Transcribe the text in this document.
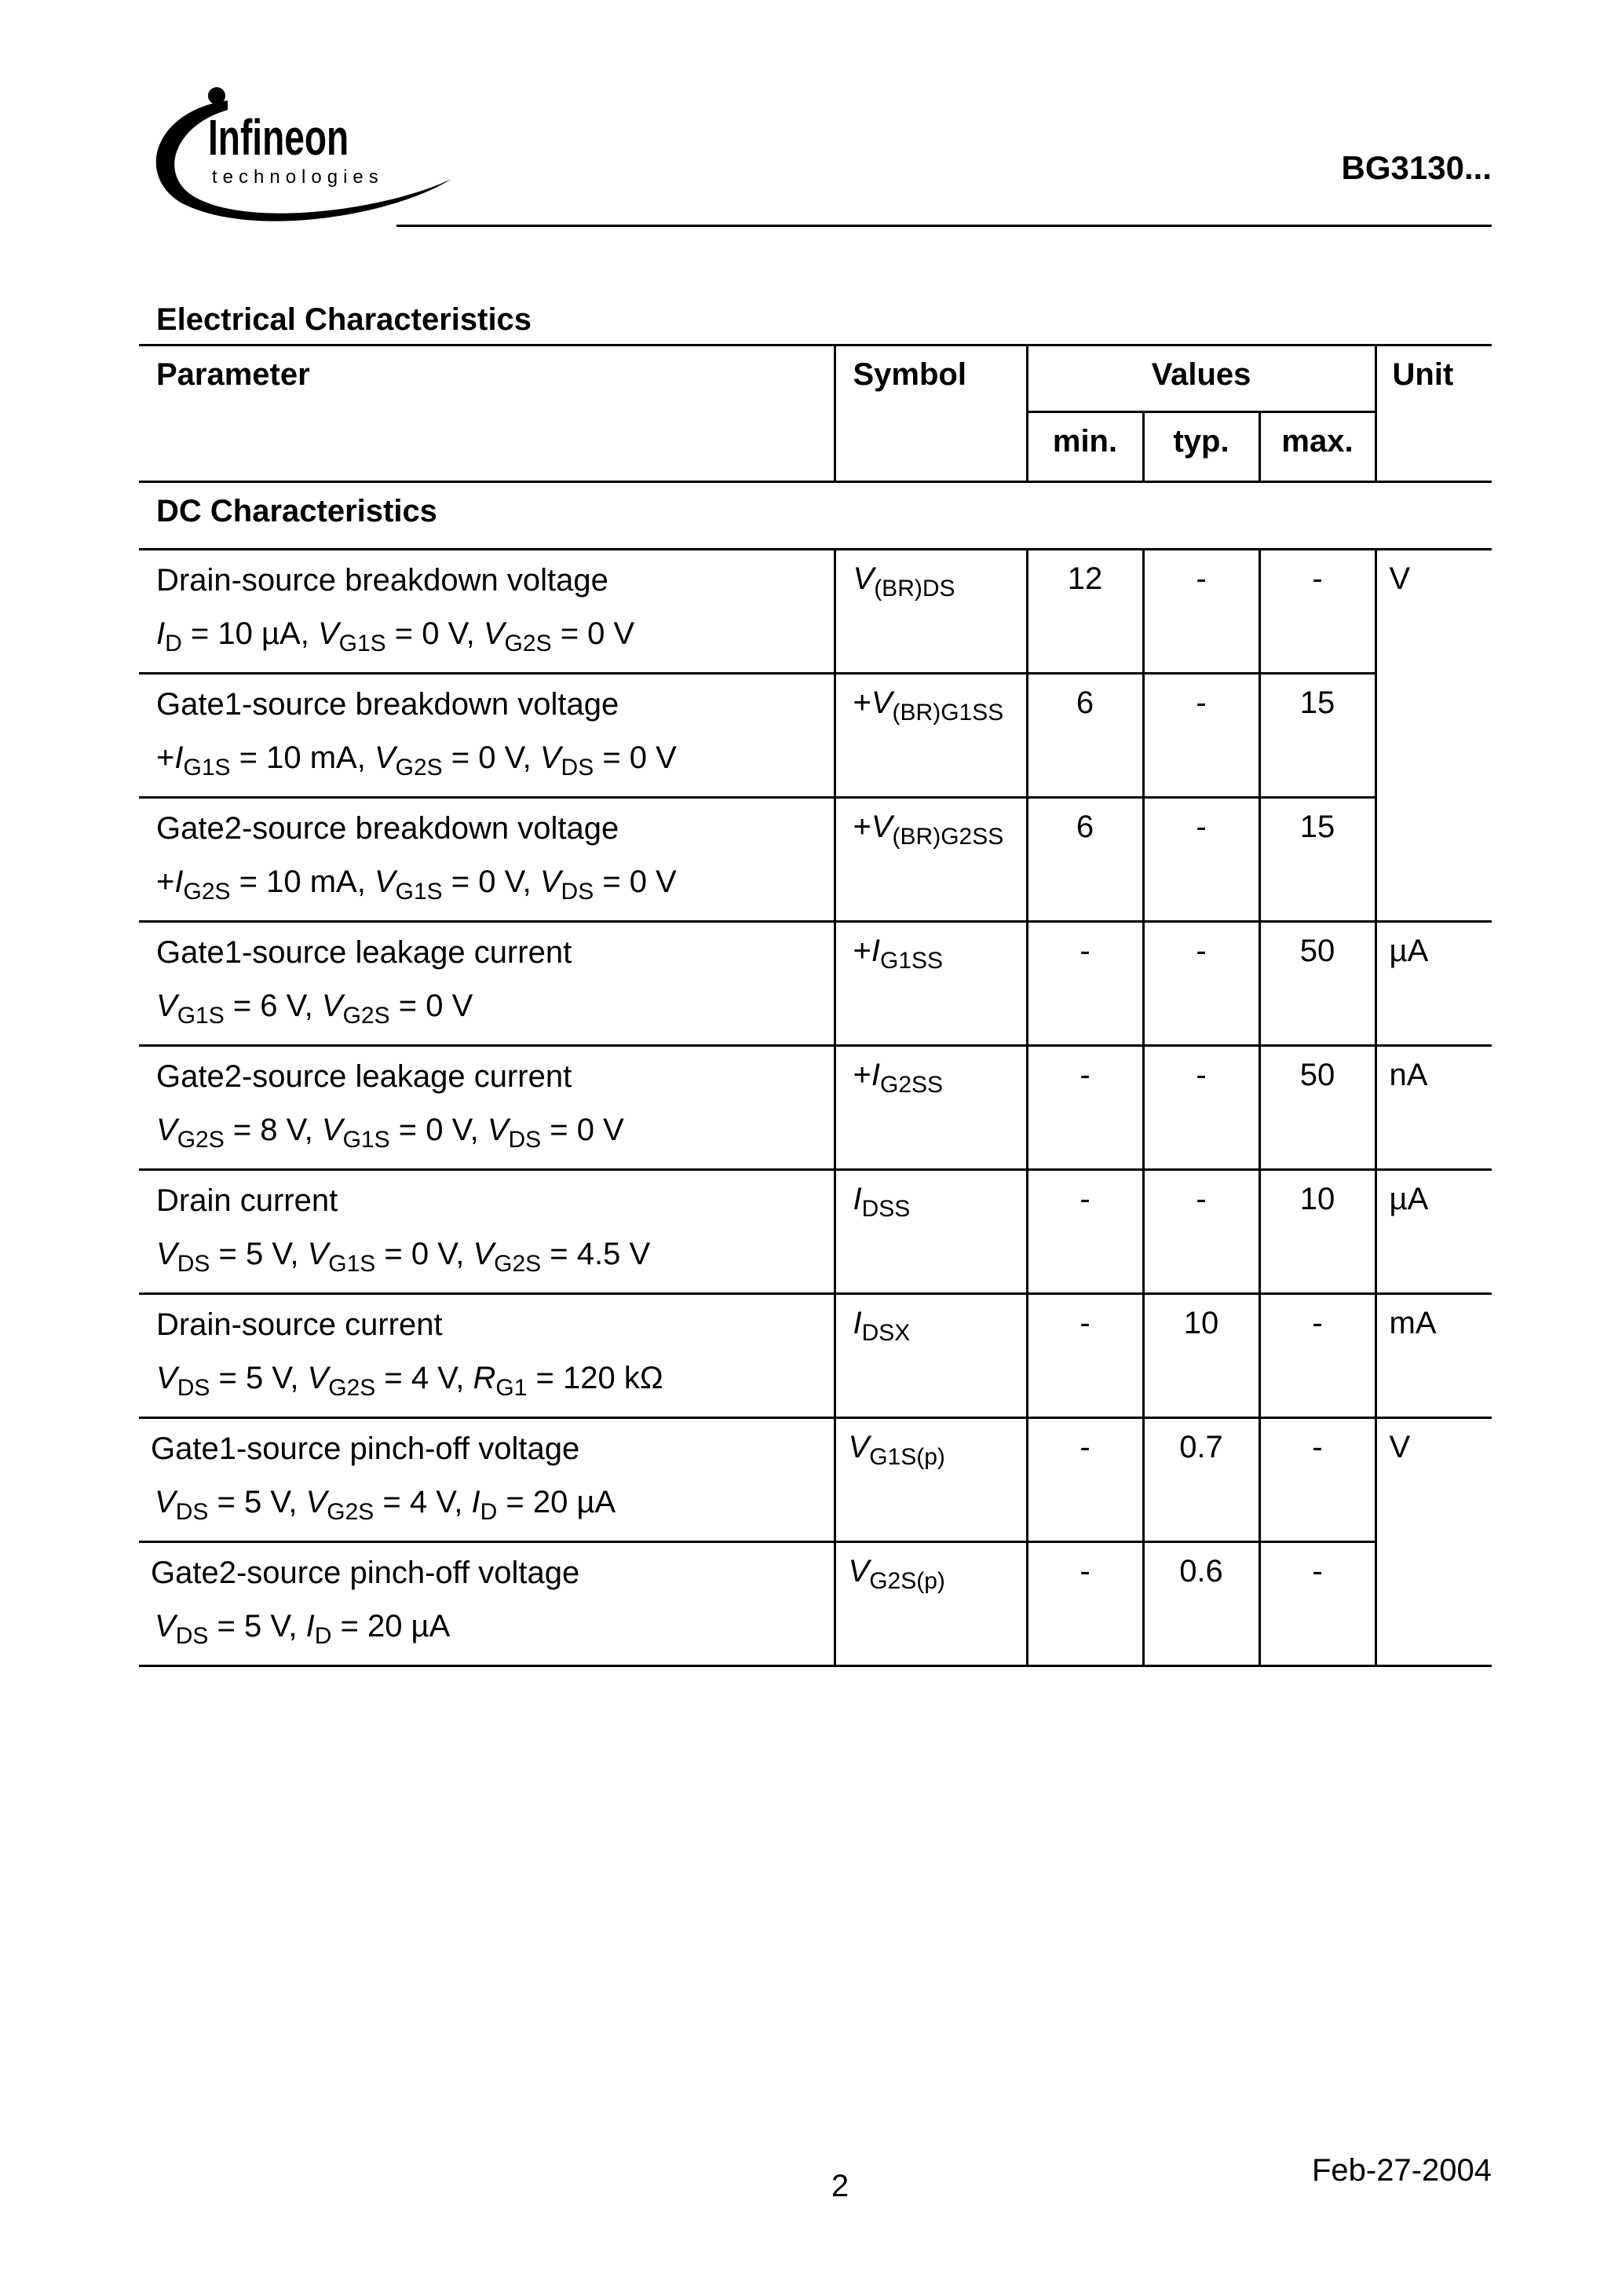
Infineon
technologies	BG3130...
Electrical Characteristics
Parameter	Symbol	Values			Unit
		min.	typ.	max.	
DC Characteristics					

Drain-source breakdown voltage
$I_D = 10$ µA, $V_{G1S} = 0$ V, $V_{G2S} = 0$ V	$V_{(BR)DS}$	12	-	-	V

Gate1-source breakdown voltage
$+I_{G1S} = 10$ mA, $V_{G2S} = 0$ V, $V_{DS} = 0$ V	$+V_{(BR)G1SS}$	6	-	15	

Gate2-source breakdown voltage
$+I_{G2S} = 10$ mA, $V_{G1S} = 0$ V, $V_{DS} = 0$ V	$+V_{(BR)G2SS}$	6	-	15	

Gate1-source leakage current
$V_{G1S} = 6$ V, $V_{G2S} = 0$ V	$+I_{G1SS}$	-	-	50	µA

Gate2-source leakage current
$V_{G2S} = 8$ V, $V_{G1S} = 0$ V, $V_{DS} = 0$ V	$+I_{G2SS}$	-	-	50	nA

Drain current
$V_{DS} = 5$ V, $V_{G1S} = 0$ V, $V_{G2S} = 4.5$ V	$I_{DSS}$	-	-	10	µA

Drain-source current
$V_{DS} = 5$ V, $V_{G2S} = 4$ V, $R_{G1} = 120$ kΩ	$I_{DSX}$	-	10	-	mA

Gate1-source pinch-off voltage
$V_{DS} = 5$ V, $V_{G2S} = 4$ V, $I_D = 20$ µA	$V_{G1S(p)}$	-	0.7	-	V

Gate2-source pinch-off voltage
$V_{DS} = 5$ V, $I_D = 20$ µA	$V_{G2S(p)}$	-	0.6	-	
2	Feb-27-2004
